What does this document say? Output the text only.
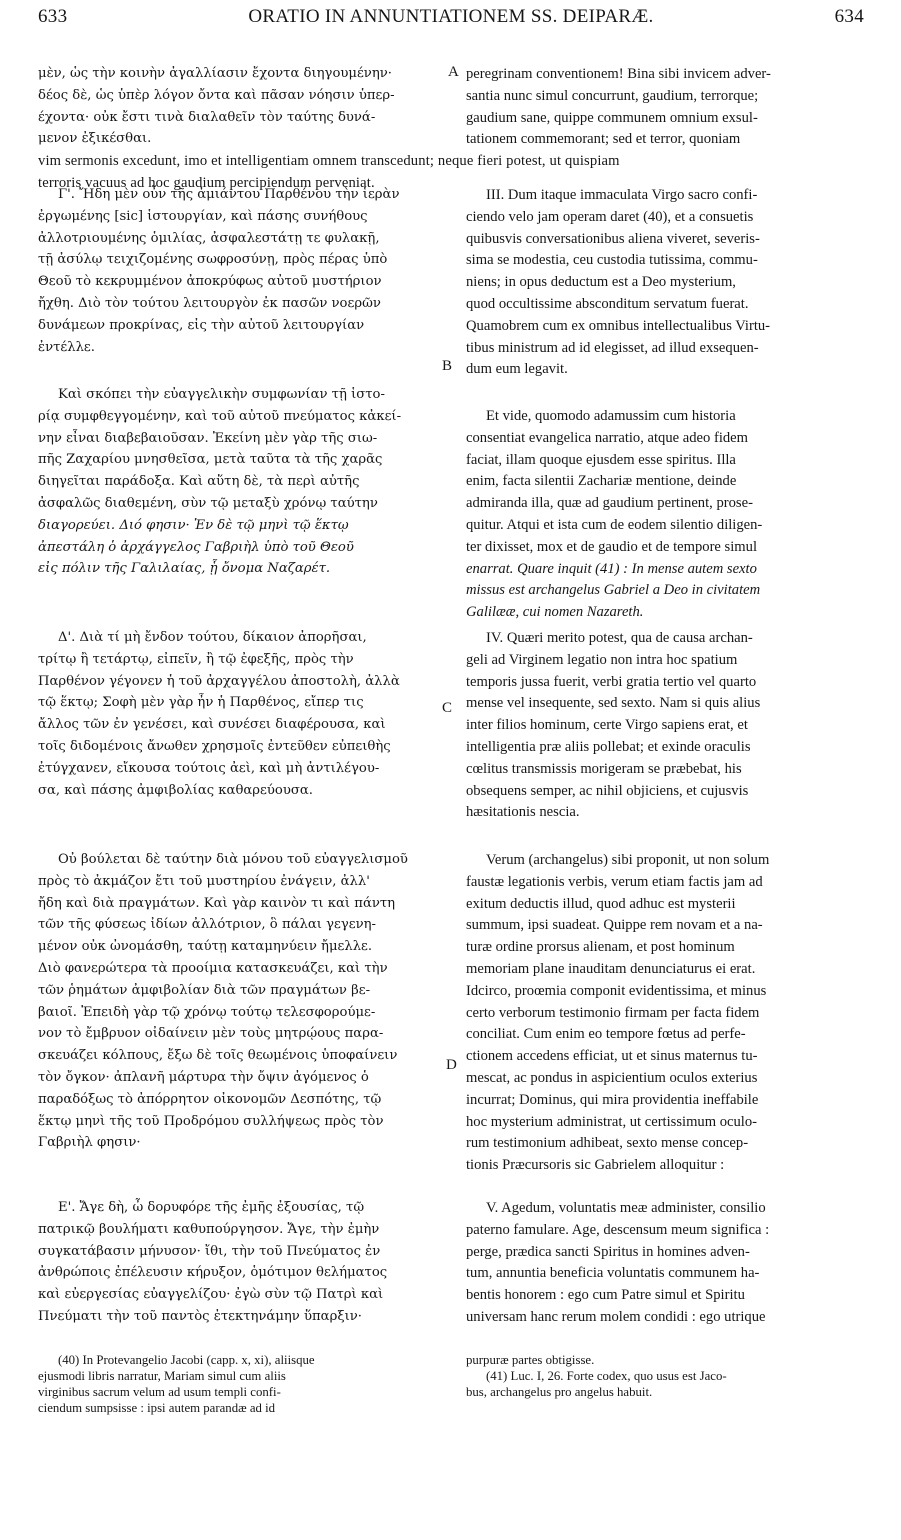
633	ORATIO IN ANNUNTIATIONEM SS. DEIPARÆ.	634
A
B
C
D
μὲν, ὡς τὴν κοινὴν ἀγαλλίασιν ἔχοντα διηγουμένην·
δέος δὲ, ὡς ὑπὲρ λόγον ὄντα καὶ πᾶσαν νόησιν ὑπερ-
έχοντα· οὐκ ἔστι τινὰ διαλαθεῖν τὸν ταύτης δυνά-
μενον ἐξικέσθαι.
Γ'. Ἤδη μὲν οὖν τῆς ἀμιάντου Παρθένου τὴν ἱερὰν
ἐργωμένης [sic] ἱστουργίαν, καὶ πάσης συνήθους
ἀλλοτριουμένης ὁμιλίας, ἀσφαλεστάτῃ τε φυλακῇ,
τῇ ἀσύλῳ τειχιζομένης σωφροσύνῃ, πρὸς πέρας ὑπὸ
Θεοῦ τὸ κεκρυμμένον ἀποκρύφως αὐτοῦ μυστήριον
ἤχθη. Διὸ τὸν τούτου λειτουργὸν ἐκ πασῶν νοερῶν
δυνάμεων προκρίνας, εἰς τὴν αὐτοῦ λειτουργίαν
ἐντέλλε.
Καὶ σκόπει τὴν εὐαγγελικὴν συμφωνίαν τῇ ἱστο-
ρίᾳ συμφθεγγομένην, καὶ τοῦ αὐτοῦ πνεύματος κἀκεί-
νην εἶναι διαβεβαιοῦσαν. Ἐκείνη μὲν γὰρ τῆς σιω-
πῆς Ζαχαρίου μνησθεῖσα, μετὰ ταῦτα τὰ τῆς χαρᾶς
διηγεῖται παράδοξα. Καὶ αὕτη δὲ, τὰ περὶ αὐτῆς
ἀσφαλῶς διαθεμένη, σὺν τῷ μεταξὺ χρόνῳ ταύτην
διαγορεύει. Διό φησιν· Ἐν δὲ τῷ μηνὶ τῷ ἕκτῳ
ἀπεστάλη ὁ ἀρχάγγελος Γαβριὴλ ὑπὸ τοῦ Θεοῦ
εἰς πόλιν τῆς Γαλιλαίας, ᾗ ὄνομα Ναζαρέτ.
Δ'. Διὰ τί μὴ ἔνδον τούτου, δίκαιον ἀπορῆσαι,
τρίτῳ ἢ τετάρτῳ, εἰπεῖν, ἢ τῷ ἐφεξῆς, πρὸς τὴν
Παρθένον γέγονεν ἡ τοῦ ἀρχαγγέλου ἀποστολὴ, ἀλλὰ
τῷ ἕκτῳ; Σοφὴ μὲν γὰρ ἦν ἡ Παρθένος, εἴπερ τις
ἄλλος τῶν ἐν γενέσει, καὶ συνέσει διαφέρουσα, καὶ
τοῖς διδομένοις ἄνωθεν χρησμοῖς ἐντεῦθεν εὐπειθὴς
ἐτύγχανεν, εἴκουσα τούτοις ἀεὶ, καὶ μὴ ἀντιλέγου-
σα, καὶ πάσης ἀμφιβολίας καθαρεύουσα.
Οὐ βούλεται δὲ ταύτην διὰ μόνου τοῦ εὐαγγελισμοῦ
πρὸς τὸ ἀκμάζον ἔτι τοῦ μυστηρίου ἐνάγειν, ἀλλ'
ἤδη καὶ διὰ πραγμάτων. Καὶ γὰρ καινὸν τι καὶ πάντη
τῶν τῆς φύσεως ἰδίων ἀλλότριον, ὃ πάλαι γεγενη-
μένον οὐκ ὠνομάσθη, ταύτῃ καταμηνύειν ἤμελλε.
Διὸ φανερώτερα τὰ προοίμια κατασκευάζει, καὶ τὴν
τῶν ῥημάτων ἀμφιβολίαν διὰ τῶν πραγμάτων βε-
βαιοῖ. Ἐπειδὴ γὰρ τῷ χρόνῳ τούτῳ τελεσφορούμε-
νον τὸ ἔμβρυον οἰδαίνειν μὲν τοὺς μητρῴους παρα-
σκευάζει κόλπους, ἔξω δὲ τοῖς θεωμένοις ὑποφαίνειν
τὸν ὄγκον· ἀπλανῆ μάρτυρα τὴν ὄψιν ἀγόμενος ὁ
παραδόξως τὸ ἀπόρρητον οἰκονομῶν Δεσπότης, τῷ
ἕκτῳ μηνὶ τῆς τοῦ Προδρόμου συλλήψεως πρὸς τὸν
Γαβριὴλ φησιν·
Ε'. Ἄγε δὴ, ὦ δορυφόρε τῆς ἐμῆς ἐξουσίας, τῷ
πατρικῷ βουλήματι καθυπούργησον. Ἄγε, τὴν ἐμὴν
συγκατάβασιν μήνυσον· ἴθι, τὴν τοῦ Πνεύματος ἐν
ἀνθρώποις ἐπέλευσιν κήρυξον, ὁμότιμον θελήματος
καὶ εὐεργεσίας εὐαγγελίζου· ἐγὼ σὺν τῷ Πατρὶ καὶ
Πνεύματι τὴν τοῦ παντὸς ἐτεκτηνάμην ὕπαρξιν·
peregrinam conventionem! Bina sibi invicem adver-
santia nunc simul concurrunt, gaudium, terrorque;
gaudium sane, quippe communem omnium exsul-
tationem commemorant; sed et terror, quoniam
III. Dum itaque immaculata Virgo sacro confi-
ciendo velo jam operam daret (40), et a consuetis
quibusvis conversationibus aliena viveret, severis-
sima se modestia, ceu custodia tutissima, commu-
niens; in opus deductum est a Deo mysterium,
quod occultissime absconditum servatum fuerat.
Quamobrem cum ex omnibus intellectualibus Virtu-
tibus ministrum ad id elegisset, ad illud exsequen-
dum eum legavit.
Et vide, quomodo adamussim cum historia
consentiat evangelica narratio, atque adeo fidem
faciat, illam quoque ejusdem esse spiritus. Illa
enim, facta silentii Zachariæ mentione, deinde
admiranda illa, quæ ad gaudium pertinent, prose-
quitur. Atqui et ista cum de eodem silentio diligen-
ter dixisset, mox et de gaudio et de tempore simul
enarrat. Quare inquit (41) : In mense autem sexto
missus est archangelus Gabriel a Deo in civitatem
Galilææ, cui nomen Nazareth.
IV. Quæri merito potest, qua de causa archan-
geli ad Virginem legatio non intra hoc spatium
temporis jussa fuerit, verbi gratia tertio vel quarto
mense vel insequente, sed sexto. Nam si quis alius
inter filios hominum, certe Virgo sapiens erat, et
intelligentia præ aliis pollebat; et exinde oraculis
cœlitus transmissis morigeram se præbebat, his
obsequens semper, ac nihil objiciens, et cujusvis
hæsitationis nescia.
Verum (archangelus) sibi proponit, ut non solum
faustæ legationis verbis, verum etiam factis jam ad
exitum deductis illud, quod adhuc est mysterii
summum, ipsi suadeat. Quippe rem novam et a na-
turæ ordine prorsus alienam, et post hominum
memoriam plane inauditam denunciaturus ei erat.
Idcirco, proœmia componit evidentissima, et minus
certo verborum testimonio firmam per facta fidem
conciliat. Cum enim eo tempore fœtus ad perfe-
ctionem accedens efficiat, ut et sinus maternus tu-
mescat, ac pondus in aspicientium oculos exterius
incurrat; Dominus, qui mira providentia ineffabile
hoc mysterium administrat, ut certissimum oculo-
rum testimonium adhibeat, sexto mense concep-
tionis Præcursoris sic Gabrielem alloquitur :
V. Agedum, voluntatis meæ administer, consilio
paterno famulare. Age, descensum meum significa :
perge, prædica sancti Spiritus in homines adven-
tum, annuntia beneficia voluntatis communem ha-
bentis honorem : ego cum Patre simul et Spiritu
universam hanc rerum molem condidi : ego utrique
vim sermonis excedunt, imo et intelligentiam omnem transcedunt; neque fieri potest, ut quispiam
terroris vacuus ad hoc gaudium percipiendum perveniat.
(40) In Protevangelio Jacobi (capp. x, xi), aliisque
ejusmodi libris narratur, Mariam simul cum aliis
virginibus sacrum velum ad usum templi confi-
ciendum sumpsisse : ipsi autem parandæ ad id
purpuræ partes obtigisse.
(41) Luc. I, 26. Forte codex, quo usus est Jaco-
bus, archangelus pro angelus habuit.
